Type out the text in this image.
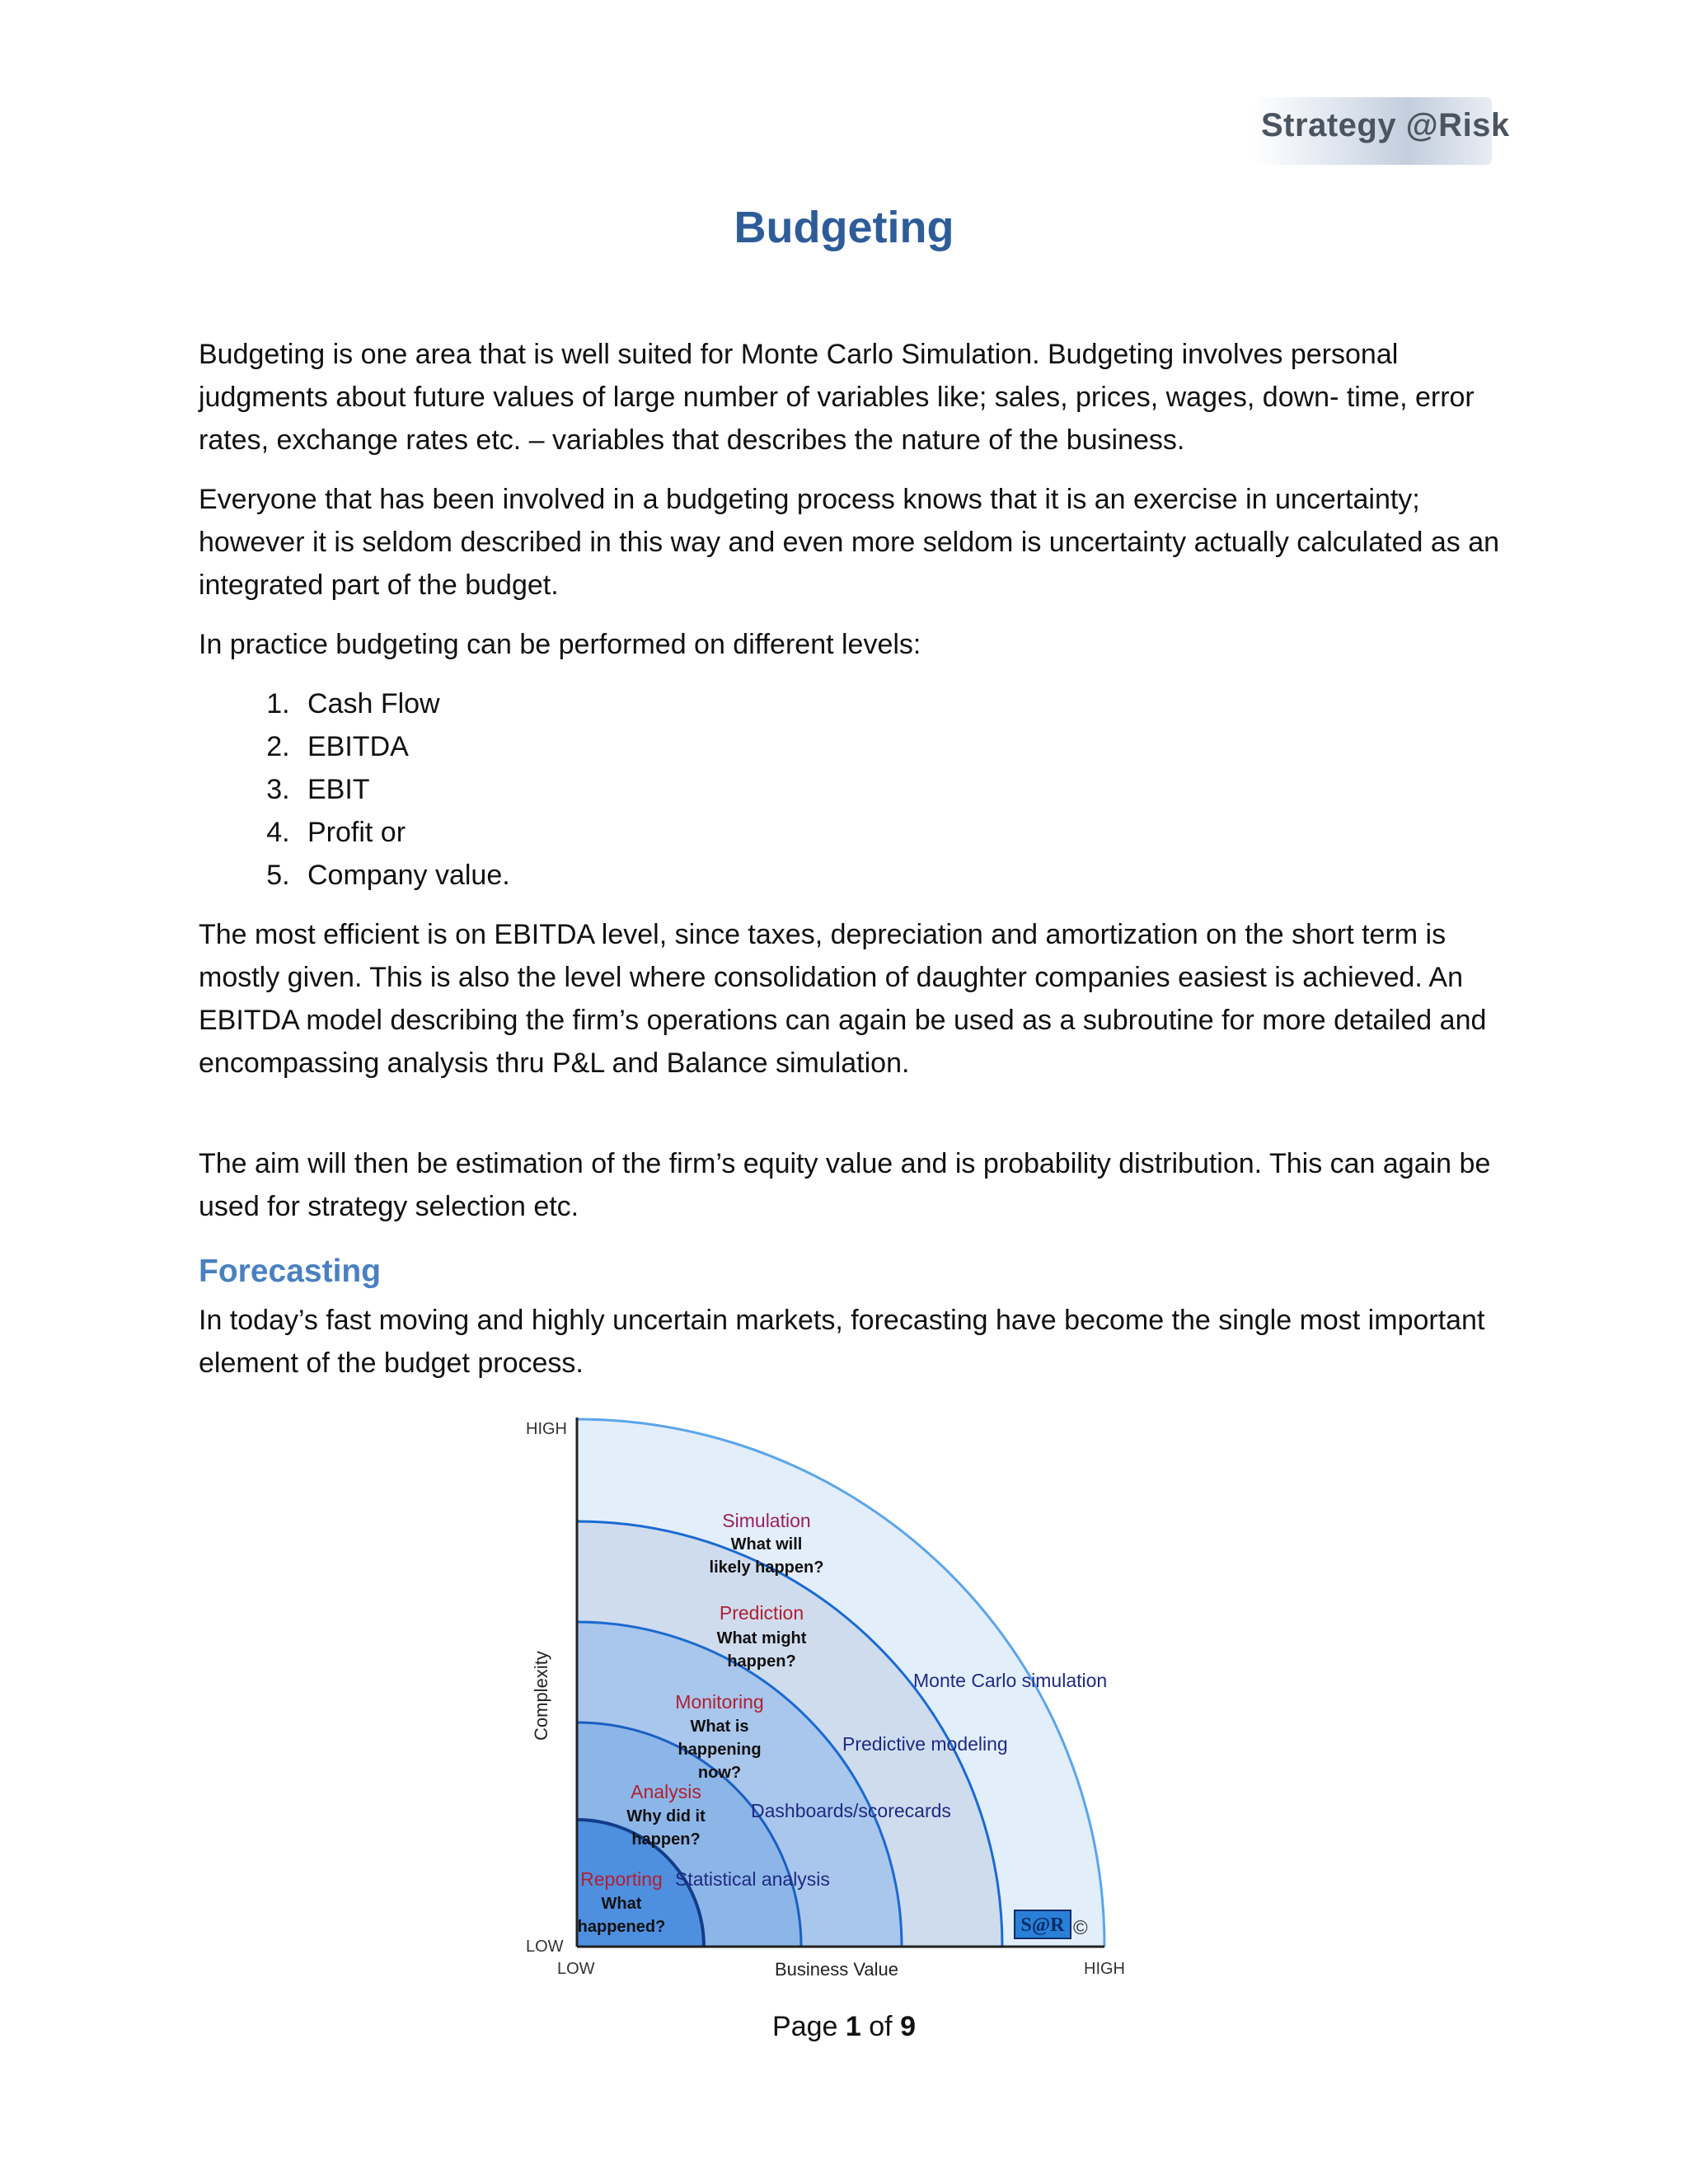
Strategy @Risk
Budgeting

Budgeting is one area that is well suited for Monte Carlo Simulation. Budgeting involves personal judgments about future values of large number of variables like; sales, prices, wages, down- time, error rates, exchange rates etc. – variables that describes the nature of the business.

Everyone that has been involved in a budgeting process knows that it is an exercise in uncertainty; however it is seldom described in this way and even more seldom is uncertainty actually calculated as an integrated part of the budget.

In practice budgeting can be performed on different levels:

1. Cash Flow
2. EBITDA
3. EBIT
4. Profit or
5. Company value.

The most efficient is on EBITDA level, since taxes, depreciation and amortization on the short term is mostly given. This is also the level where consolidation of daughter companies easiest is achieved. An EBITDA model describing the firm’s operations can again be used as a subroutine for more detailed and encompassing analysis thru P&L and Balance simulation.

The aim will then be estimation of the firm’s equity value and is probability distribution. This can again be used for strategy selection etc.

Forecasting

In today’s fast moving and highly uncertain markets, forecasting have become the single most important element of the budget process.

HIGH
LOW
LOW	HIGH
Business Value
Complexity
Simulation
What will
likely happen?
Prediction
What might
happen?
Monitoring
What is
happening
now?
Analysis
Why did it
happen?
Reporting
What
happened?
Monte Carlo simulation
Predictive modeling
Dashboards/scorecards
Statistical analysis
S@R ©
Page 1 of 9
